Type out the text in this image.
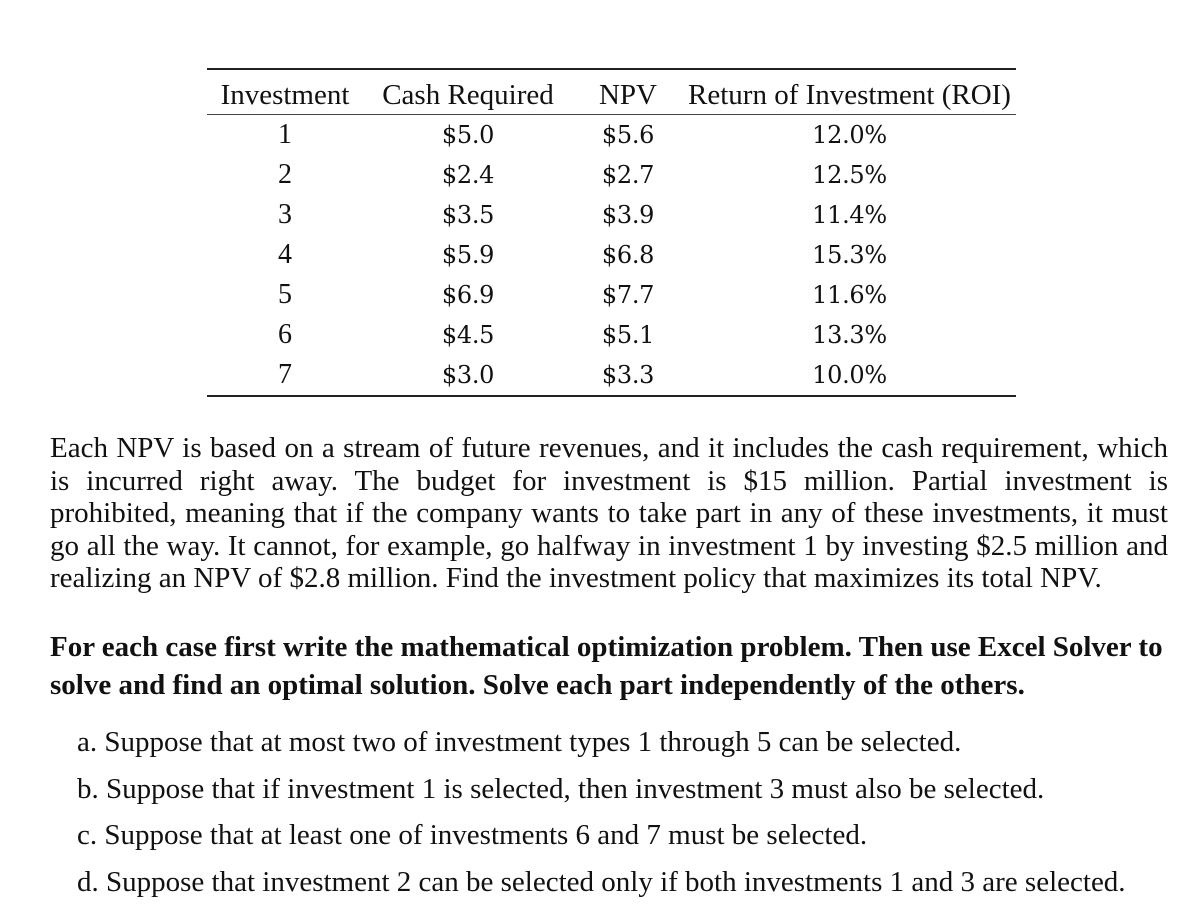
Investment	Cash Required	NPV	Return of Investment (ROI)
1	$5.0	$5.6	12.0%
2	$2.4	$2.7	12.5%
3	$3.5	$3.9	11.4%
4	$5.9	$6.8	15.3%
5	$6.9	$7.7	11.6%
6	$4.5	$5.1	13.3%
7	$3.0	$3.3	10.0%

Each NPV is based on a stream of future revenues, and it includes the cash requirement, which is incurred right away. The budget for investment is $15 million. Partial investment is prohibited, meaning that if the company wants to take part in any of these investments, it must go all the way. It cannot, for example, go halfway in investment 1 by investing $2.5 million and realizing an NPV of $2.8 million. Find the investment policy that maximizes its total NPV.

For each case first write the mathematical optimization problem. Then use Excel Solver to solve and find an optimal solution. Solve each part independently of the others.
a. Suppose that at most two of investment types 1 through 5 can be selected.
b. Suppose that if investment 1 is selected, then investment 3 must also be selected.
c. Suppose that at least one of investments 6 and 7 must be selected.
d. Suppose that investment 2 can be selected only if both investments 1 and 3 are selected.
